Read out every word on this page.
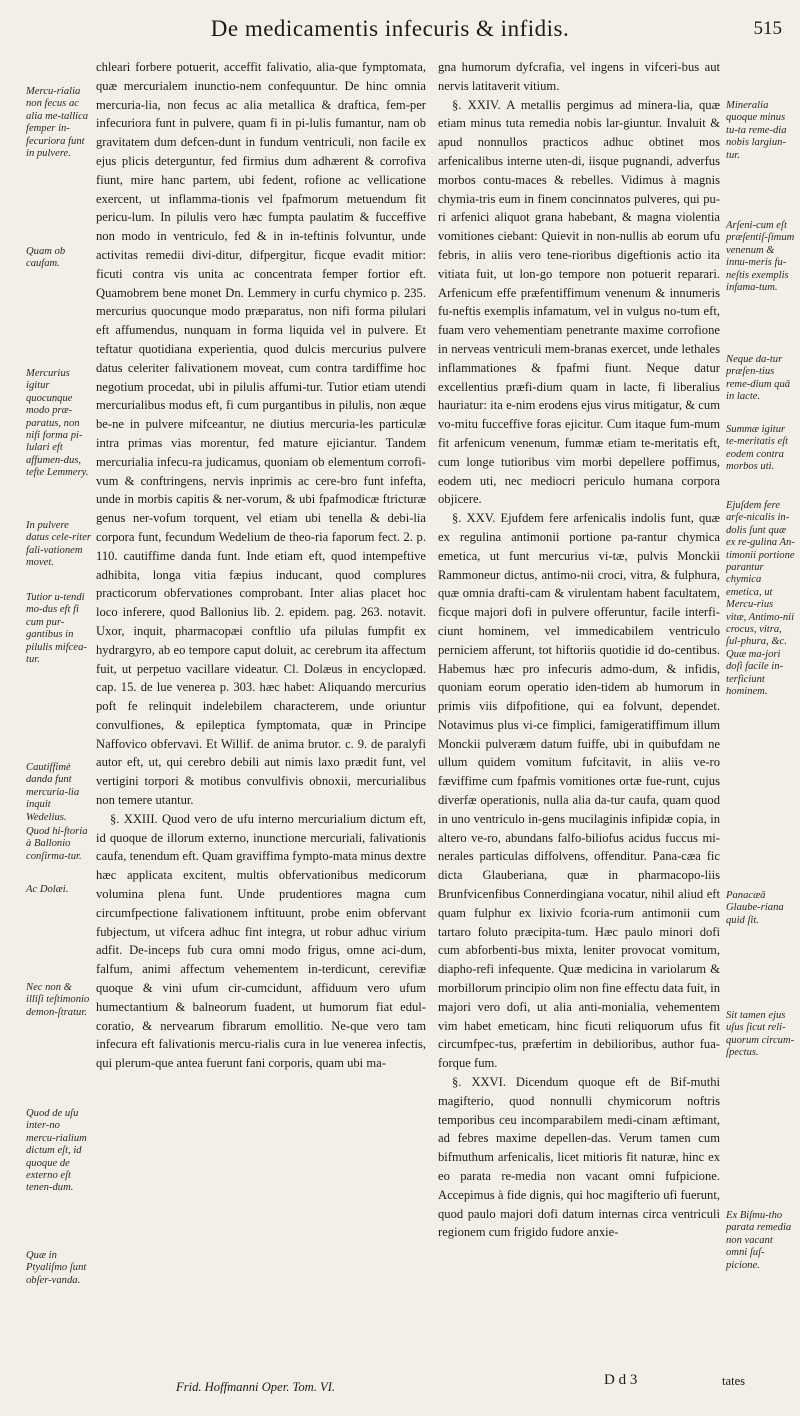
De medicamentis infecuris & infidis.	515
Mercu-rialia non fecus ac alia me-tallica femper in-fecuriora funt in pulvere.
Quam ob caufam.
Mercurius igitur quocunque modo præ-paratus, non nifi forma pi-lulari eft affumen-dus, tefte Lemmery.
In pulvere datus cele-riter fali-vationem movet.
Tutior u-tendi mo-dus eft fi cum pur-gantibus in pilulis mifcea-tur.
Cautiffimè danda funt mercuria-lia inquit Wedelius.
Quod hi-ftoria à Ballonio conſirma-tur.
Ac Dolæi.
Nec non & illiſi teſtimonio demon-ſtratur.
Quod de uſu inter-no mercu-rialium dictum eſt, id quoque de externo eſt tenen-dum.
Quæ in Ptyaliſmo ſunt obſer-vanda.

chleari forbere potuerit, acceffit falivatio, alia-que fymptomata, quæ mercurialem inunctio-nem confequuntur. De hinc omnia mercuria-lia, non fecus ac alia metallica & draftica, fem-per infecuriora funt in pulvere, quam fi in pi-lulis fumantur, nam ob gravitatem dum defcen-dunt in fundum ventriculi, non facile ex ejus plicis deterguntur, fed firmius dum adhærent & corrofiva fiunt, mire hanc partem, ubi fedent, rofione ac vellicatione exercent, ut inflamma-tionis vel fpafmorum metuendum fit pericu-lum. In pilulis vero hæc fumpta paulatim & fucceffive non modo in ventriculo, fed & in in-teftinis folvuntur, unde activitas remedii divi-ditur, difpergitur, ficque evadit mitior: ficuti contra vis unita ac concentrata femper fortior eft. Quamobrem bene monet Dn. Lemmery in curfu chymico p. 235. mercurius quocunque modo præparatus, non nifi forma pilulari eft affumendus, nunquam in forma liquida vel in pulvere. Et teftatur quotidiana experientia, quod dulcis mercurius pulvere datus celeriter falivationem moveat, cum contra tardiffime hoc negotium procedat, ubi in pilulis affumi-tur. Tutior etiam utendi mercurialibus modus eft, fi cum purgantibus in pilulis, non æque be-ne in pulvere mifceantur, ne diutius mercuria-les particulæ intra primas vias morentur, fed mature ejiciantur. Tandem mercurialia infecu-ra judicamus, quoniam ob elementum corrofi-vum & conftringens, nervis inprimis ac cere-bro funt infefta, unde in morbis capitis & ner-vorum, & ubi fpafmodicæ ftricturæ genus ner-vofum torquent, vel etiam ubi tenella & debi-lia corpora funt, fecundum Wedelium de theo-ria faporum fect. 2. p. 110. cautiffime danda funt. Inde etiam eft, quod intempeftive adhibita, longa vitia fæpius inducant, quod complures practicorum obfervationes comprobant. Inter alias placet hoc loco inferere, quod Ballonius lib. 2. epidem. pag. 263. notavit. Uxor, inquit, pharmacopæi conftlio ufa pilulas fumpfit ex hydrargyro, ab eo tempore caput doluit, ac cerebrum ita affectum fuit, ut perpetuo vacillare videatur. Cl. Dolæus in encyclopæd. cap. 15. de lue venerea p. 303. hæc habet: Aliquando mercurius poft fe relinquit indelebilem characterem, unde oriuntur convulfiones, & epileptica fymptomata, quæ in Principe Naffovico obfervavi. Et Willif. de anima brutor. c. 9. de paralyfi autor eft, ut, qui cerebro debili aut nimis laxo prædit funt, vel vertigini torpori & motibus convulfivis obnoxii, mercurialibus non temere utantur.

§. XXIII. Quod vero de ufu interno mercurialium dictum eft, id quoque de illorum externo, inunctione mercuriali, falivationis caufa, tenendum eft. Quam graviffima fympto-mata minus dextre hæc applicata excitent, multis obfervationibus medicorum volumina plena funt. Unde prudentiores magna cum circumfpectione falivationem inftituunt, probe enim obfervant fubjectum, ut vifcera adhuc fint integra, ut robur adhuc virium adfit. De-inceps fub cura omni modo frigus, omne aci-dum, falfum, animi affectum vehementem in-terdicunt, cerevifiæ quoque & vini ufum cir-cumcidunt, affiduum vero ufum humectantium & balneorum fuadent, ut humorum fiat edul-coratio, & nervearum fibrarum emollitio. Ne-que vero tam infecura eft falivationis mercu-rialis cura in lue venerea infectis, qui plerum-que antea fuerunt fani corporis, quam ubi ma-

gna humorum dyfcrafia, vel ingens in vifceri-bus aut nervis latitaverit vitium.

§. XXIV. A metallis pergimus ad minera-lia, quæ etiam minus tuta remedia nobis lar-giuntur. Invaluit & apud nonnullos practicos adhuc obtinet mos arfenicalibus interne uten-di, iisque pugnandi, adverfus morbos contu-maces & rebelles. Vidimus à magnis chymia-tris eum in finem concinnatos pulveres, qui pu-ri arfenici aliquot grana habebant, & magna violentia vomitiones ciebant: Quievit in non-nullis ab eorum ufu febris, in aliis vero tene-rioribus digeftionis actio ita vitiata fuit, ut lon-go tempore non potuerit reparari. Arfenicum effe præfentiffimum venenum & innumeris fu-neftis exemplis infamatum, vel in vulgus no-tum eft, fuam vero vehementiam penetrante maxime corrofione in nerveas ventriculi mem-branas exercet, unde lethales inflammationes & fpafmi fiunt. Neque datur excellentius præfi-dium quam in lacte, fi liberalius hauriatur: ita e-nim erodens ejus virus mitigatur, & cum vo-mitu fucceffive foras ejicitur. Cum itaque fum-mum fit arfenicum venenum, fummæ etiam te-meritatis eft, cum longe tutioribus vim morbi depellere poffimus, eodem uti, nec mediocri periculo humana corpora objicere.

§. XXV. Ejufdem fere arfenicalis indolis funt, quæ ex regulina antimonii portione pa-rantur chymica emetica, ut funt mercurius vi-tæ, pulvis Monckii Rammoneur dictus, antimo-nii croci, vitra, & fulphura, quæ omnia drafti-cam & virulentam habent facultatem, ficque majori dofi in pulvere offeruntur, facile interfi-ciunt hominem, vel immedicabilem ventriculo perniciem afferunt, tot hiftoriis quotidie id do-centibus. Habemus hæc pro infecuris admo-dum, & infidis, quoniam eorum operatio iden-tidem ab humorum in primis viis difpofitione, qui ea folvunt, dependet. Notavimus plus vi-ce fimplici, famigeratiffimum illum Monckii pulveræm datum fuiffe, ubi in quibufdam ne ullum quidem vomitum fufcitavit, in aliis ve-ro fæviffime cum fpafmis vomitiones ortæ fue-runt, cujus diverfæ operationis, nulla alia da-tur caufa, quam quod in uno ventriculo in-gens mucilaginis infipidæ copia, in altero ve-ro, abundans falfo-biliofus acidus fuccus mi-nerales particulas diffolvens, offenditur. Pana-cæa fic dicta Glauberiana, quæ in pharmacopo-liis Brunfvicenfibus Connerdingiana vocatur, nihil aliud eft quam fulphur ex lixivio fcoria-rum antimonii cum tartaro foluto præcipita-tum. Hæc paulo minori dofi cum abforbenti-bus mixta, leniter provocat vomitum, diapho-refi infequente. Quæ medicina in variolarum & morbillorum principio olim non fine effectu data fuit, in majori vero dofi, ut alia anti-monialia, vehementem vim habet emeticam, hinc ficuti reliquorum ufus fit circumfpec-tus, præfertim in debilioribus, author fua-forque fum.

§. XXVI. Dicendum quoque eft de Bif-muthi magifterio, quod nonnulli chymicorum noftris temporibus ceu incomparabilem medi-cinam æftimant, ad febres maxime depellen-das. Verum tamen cum bifmuthum arfenicalis, licet mitioris fit naturæ, hinc ex eo parata re-media non vacant omni fufpicione. Accepimus à fide dignis, qui hoc magifterio ufi fuerunt, quod paulo majori dofi datum internas circa ventriculi regionem cum frigido fudore anxie-

Mineralia quoque minus tu-ta reme-dia nobis largiun-tur.
Arſeni-cum eſt præſentiſ-ſimum venenum & innu-meris fu-neſtis exemplis infama-tum.
Neque da-tur præſen-tius reme-dium quā in lacte.
Summæ igitur te-meritatis eſt eodem contra morbos uti.
Ejuſdem fere arſe-nicalis in-dolis ſunt quæ ex re-gulina An-timonii portione parantur chymica emetica, ut Mercu-rius vitæ, Antimo-nii crocus, vitra, ſul-phura, &c. Quæ ma-jori doſi facile in-terficiunt hominem.
Panacæā Glaube-riana quid ſit.
Sit tamen ejus uſus ſicut reli-quorum circum-ſpectus.
Ex Biſmu-tho parata remedia non vacant omni ſuſ-picione.
Frid. Hoffmanni Oper. Tom. VI.	D d 3	tates
